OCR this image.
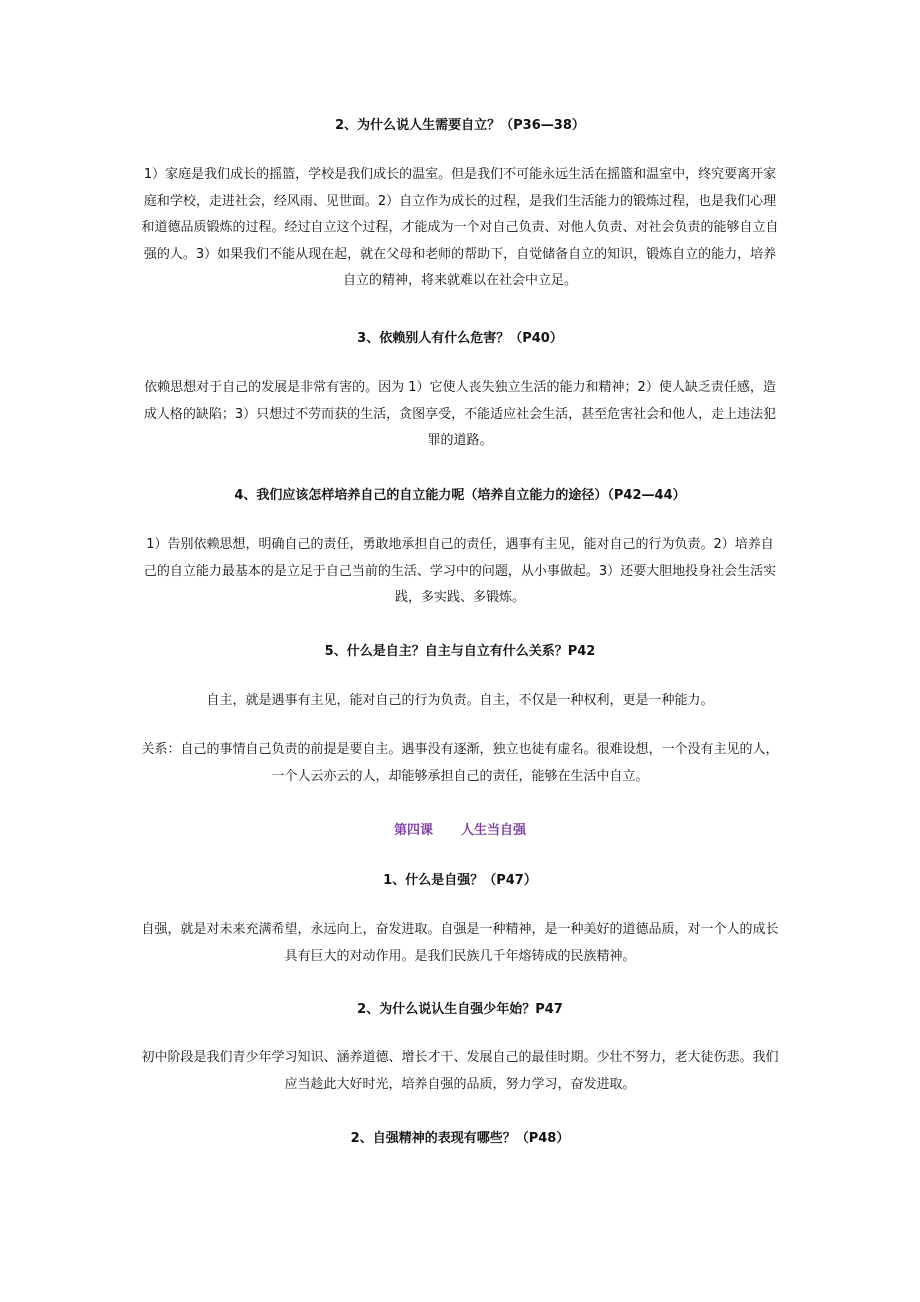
2、为什么说人生需要自立？（P36—38）

1）家庭是我们成长的摇篮，学校是我们成长的温室。但是我们不可能永远生活在摇篮和温室中，终究要离开家庭和学校，走进社会，经风雨、见世面。2）自立作为成长的过程，是我们生活能力的锻炼过程，也是我们心理和道德品质锻炼的过程。经过自立这个过程，才能成为一个对自己负责、对他人负责、对社会负责的能够自立自强的人。3）如果我们不能从现在起，就在父母和老师的帮助下，自觉储备自立的知识，锻炼自立的能力，培养自立的精神，将来就难以在社会中立足。

3、依赖别人有什么危害？（P40）

依赖思想对于自己的发展是非常有害的。因为 1）它使人丧失独立生活的能力和精神；2）使人缺乏责任感，造成人格的缺陷；3）只想过不劳而获的生活，贪图享受，不能适应社会生活，甚至危害社会和他人，走上违法犯罪的道路。

4、我们应该怎样培养自己的自立能力呢（培养自立能力的途径）（P42—44）

1）告别依赖思想，明确自己的责任，勇敢地承担自己的责任，遇事有主见，能对自己的行为负责。2）培养自己的自立能力最基本的是立足于自己当前的生活、学习中的问题，从小事做起。3）还要大胆地投身社会生活实践，多实践、多锻炼。

5、什么是自主？自主与自立有什么关系？P42

自主，就是遇事有主见，能对自己的行为负责。自主，不仅是一种权利，更是一种能力。

关系：自己的事情自己负责的前提是要自主。遇事没有逐渐，独立也徒有虚名。很难设想，一个没有主见的人，一个人云亦云的人，却能够承担自己的责任，能够在生活中自立。

第四课 人生当自强
1、什么是自强？（P47）

自强，就是对未来充满希望，永远向上，奋发进取。自强是一种精神，是一种美好的道德品质，对一个人的成长具有巨大的对动作用。是我们民族几千年熔铸成的民族精神。

2、为什么说认生自强少年始？P47

初中阶段是我们青少年学习知识、涵养道德、增长才干、发展自己的最佳时期。少壮不努力，老大徒伤悲。我们应当趁此大好时光，培养自强的品质，努力学习，奋发进取。

2、自强精神的表现有哪些？（P48）
